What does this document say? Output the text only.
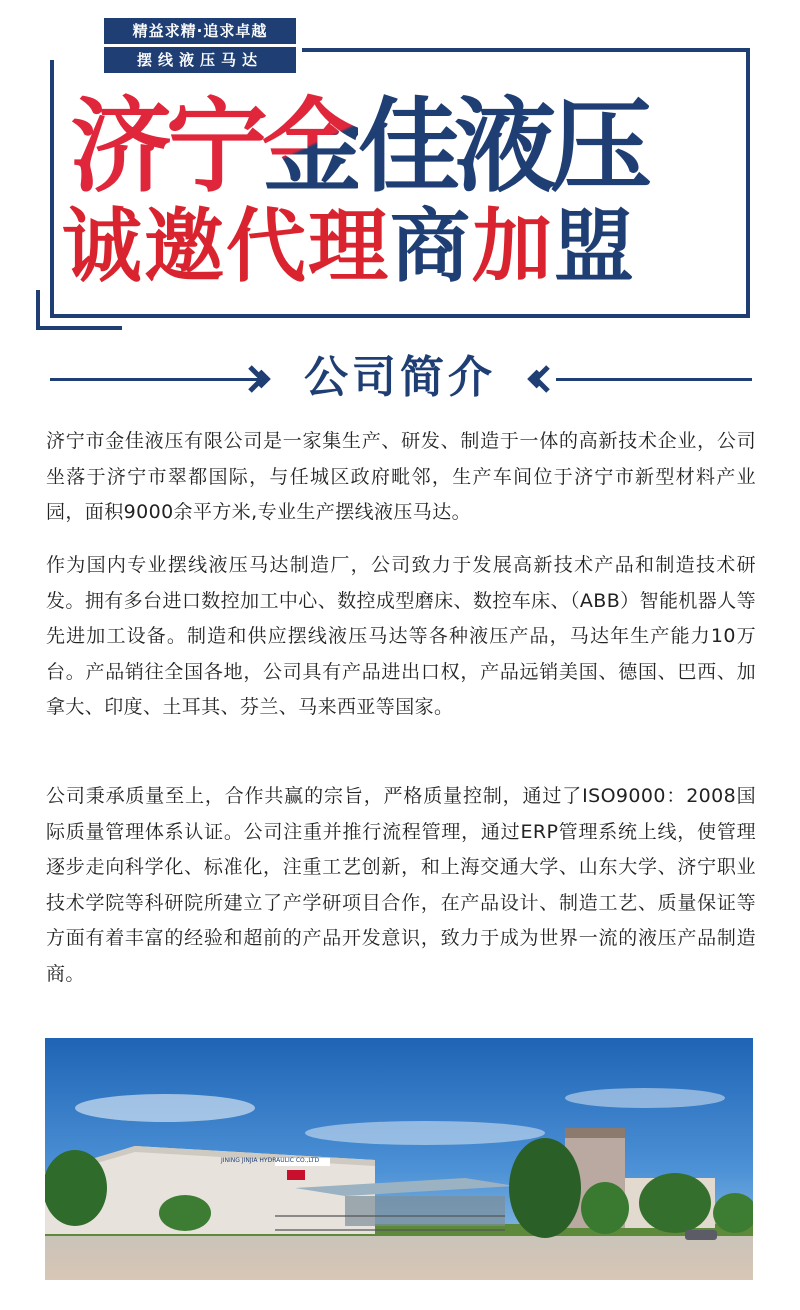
精益求精·追求卓越
摆线液压马达
济宁金佳液压
诚邀代理商加盟
公司简介

济宁市金佳液压有限公司是一家集生产、研发、制造于一体的高新技术企业，公司坐落于济宁市翠都国际，与任城区政府毗邻，生产车间位于济宁市新型材料产业园，面积9000余平方米,专业生产摆线液压马达。

作为国内专业摆线液压马达制造厂，公司致力于发展高新技术产品和制造技术研发。拥有多台进口数控加工中心、数控成型磨床、数控车床、（ABB）智能机器人等先进加工设备。制造和供应摆线液压马达等各种液压产品，马达年生产能力10万台。产品销往全国各地，公司具有产品进出口权，产品远销美国、德国、巴西、加拿大、印度、土耳其、芬兰、马来西亚等国家。

公司秉承质量至上，合作共赢的宗旨，严格质量控制，通过了ISO9000：2008国际质量管理体系认证。公司注重并推行流程管理，通过ERP管理系统上线，使管理逐步走向科学化、标准化，注重工艺创新，和上海交通大学、山东大学、济宁职业技术学院等科研院所建立了产学研项目合作，在产品设计、制造工艺、质量保证等方面有着丰富的经验和超前的产品开发意识，致力于成为世界一流的液压产品制造商。

JINING JINJIA HYDRAULIC CO.,LTD
